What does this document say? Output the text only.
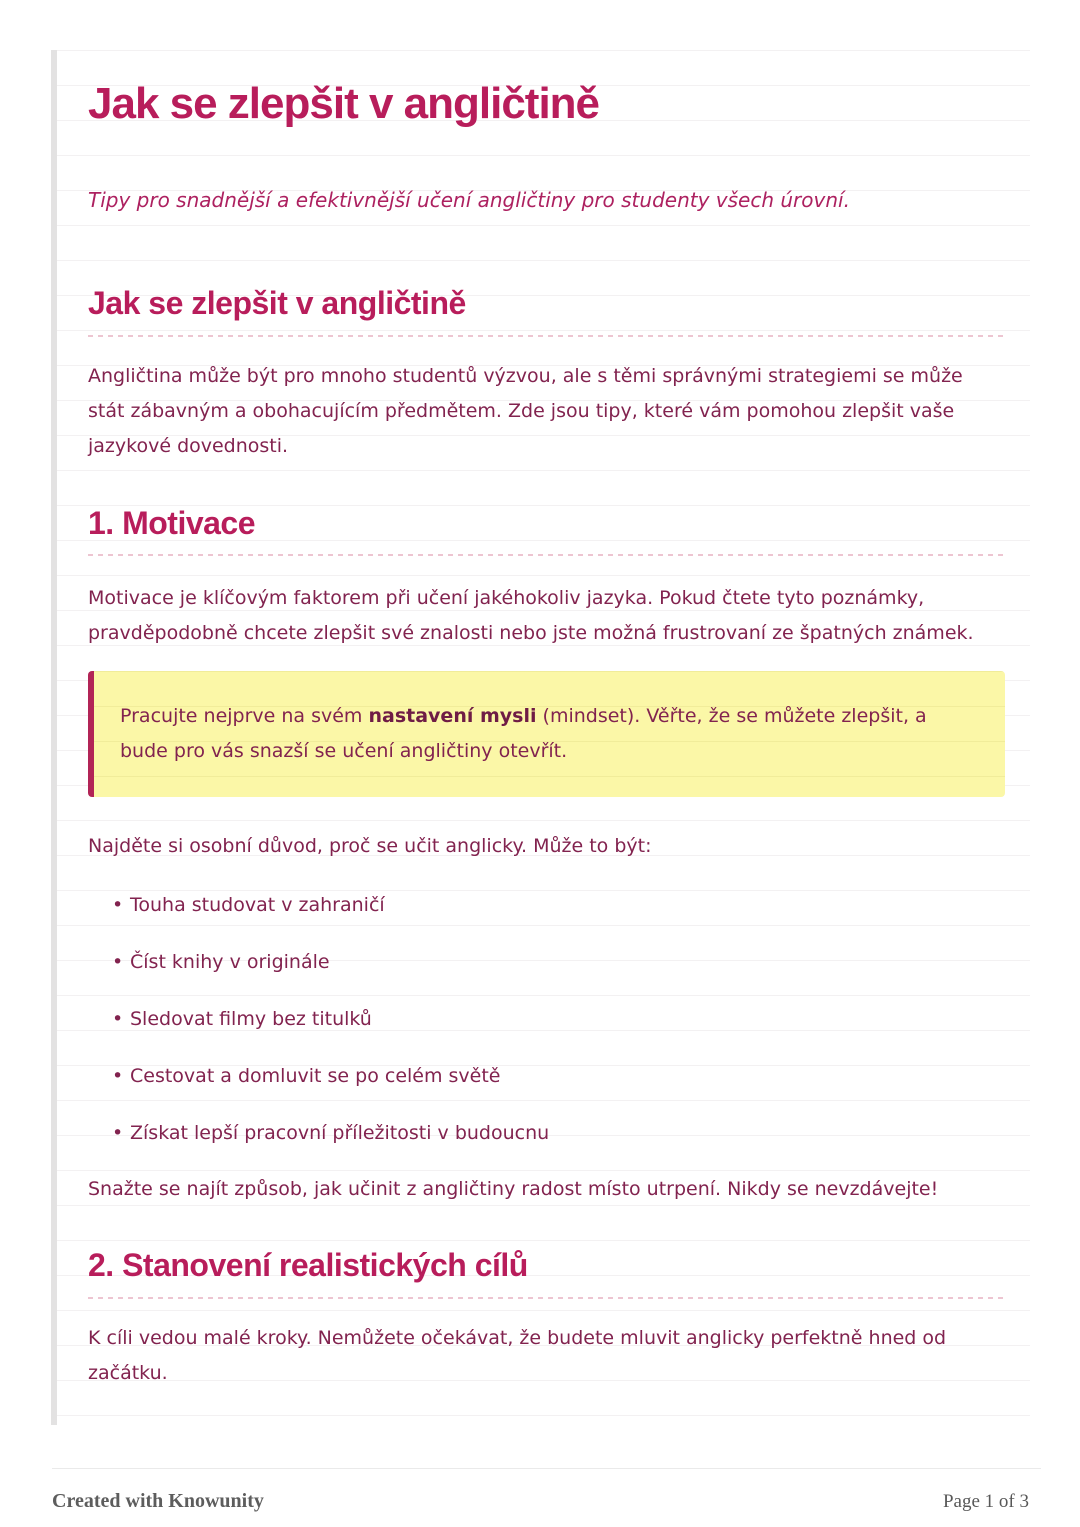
Jak se zlepšit v angličtině

Tipy pro snadnější a efektivnější učení angličtiny pro studenty všech úrovní.

Jak se zlepšit v angličtině

Angličtina může být pro mnoho studentů výzvou, ale s těmi správnými strategiemi se může stát zábavným a obohacujícím předmětem. Zde jsou tipy, které vám pomohou zlepšit vaše jazykové dovednosti.

1. Motivace

Motivace je klíčovým faktorem při učení jakéhokoliv jazyka. Pokud čtete tyto poznámky, pravděpodobně chcete zlepšit své znalosti nebo jste možná frustrovaní ze špatných známek.

Pracujte nejprve na svém nastavení mysli (mindset). Věřte, že se můžete zlepšit, a bude pro vás snazší se učení angličtiny otevřít.

Najděte si osobní důvod, proč se učit anglicky. Může to být:

• Touha studovat v zahraničí
• Číst knihy v originále
• Sledovat filmy bez titulků
• Cestovat a domluvit se po celém světě
• Získat lepší pracovní příležitosti v budoucnu

Snažte se najít způsob, jak učinit z angličtiny radost místo utrpení. Nikdy se nevzdávejte!

2. Stanovení realistických cílů

K cíli vedou malé kroky. Nemůžete očekávat, že budete mluvit anglicky perfektně hned od začátku.

Created with Knowunity	Page 1 of 3
